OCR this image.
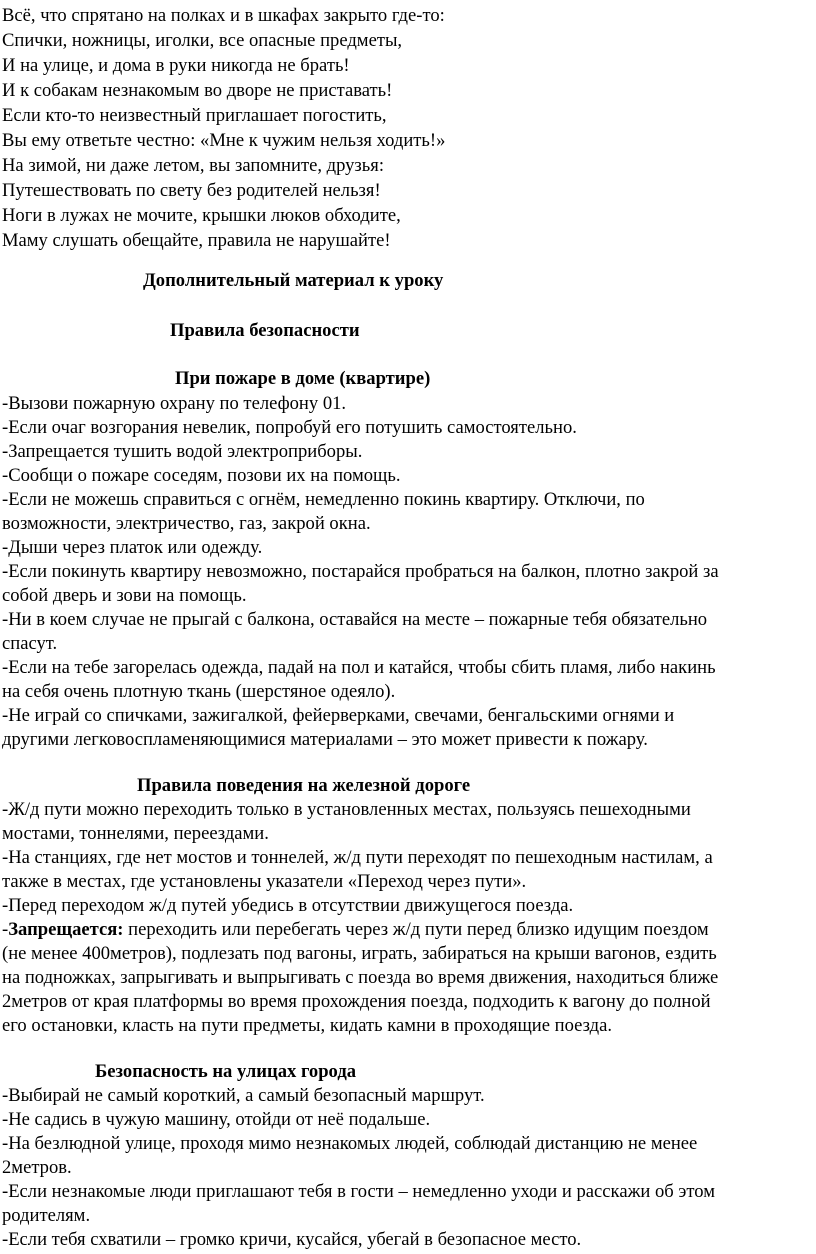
Всё, что спрятано на полках и в шкафах закрыто где-то:
Спички, ножницы, иголки, все опасные предметы,
И на улице, и дома в руки никогда не брать!
И к собакам незнакомым во дворе не приставать!
Если кто-то неизвестный приглашает погостить,
Вы ему ответьте честно: «Мне к чужим нельзя ходить!»
На зимой, ни даже летом, вы запомните, друзья:
Путешествовать по свету без родителей нельзя!
Ноги в лужах не мочите, крышки люков обходите,
Маму слушать обещайте, правила не нарушайте!
Дополнительный материал к уроку
Правила безопасности
При пожаре в доме (квартире)
-Вызови пожарную охрану по телефону 01.
-Если очаг возгорания невелик, попробуй его потушить самостоятельно.
-Запрещается тушить водой электроприборы.
-Сообщи о пожаре соседям, позови их на помощь.
-Если не можешь справиться с огнём, немедленно покинь квартиру. Отключи, по
возможности, электричество, газ, закрой окна.
-Дыши через платок или одежду.
-Если покинуть квартиру невозможно, постарайся пробраться на балкон, плотно закрой за
собой дверь и зови на помощь.
-Ни в коем случае не прыгай с балкона, оставайся на месте – пожарные тебя обязательно
спасут.
-Если на тебе загорелась одежда, падай на пол и катайся, чтобы сбить пламя, либо накинь
на себя очень плотную ткань (шерстяное одеяло).
-Не играй со спичками, зажигалкой, фейерверками, свечами, бенгальскими огнями и
другими легковоспламеняющимися материалами – это может привести к пожару.
Правила поведения на железной дороге
-Ж/д пути можно переходить только в установленных местах, пользуясь пешеходными
мостами, тоннелями, переездами.
-На станциях, где нет мостов и тоннелей, ж/д пути переходят по пешеходным настилам, а
также в местах, где установлены указатели «Переход через пути».
-Перед переходом ж/д путей убедись в отсутствии движущегося поезда.
-Запрещается: переходить или перебегать через ж/д пути перед близко идущим поездом
(не менее 400метров), подлезать под вагоны, играть, забираться на крыши вагонов, ездить
на подножках, запрыгивать и выпрыгивать с поезда во время движения, находиться ближе
2метров от края платформы во время прохождения поезда, подходить к вагону до полной
его остановки, класть на пути предметы, кидать камни в проходящие поезда.
Безопасность на улицах города
-Выбирай не самый короткий, а самый безопасный маршрут.
-Не садись в чужую машину, отойди от неё подальше.
-На безлюдной улице, проходя мимо незнакомых людей, соблюдай дистанцию не менее
2метров.
-Если незнакомые люди приглашают тебя в гости – немедленно уходи и расскажи об этом
родителям.
-Если тебя схватили – громко кричи, кусайся, убегай в безопасное место.
